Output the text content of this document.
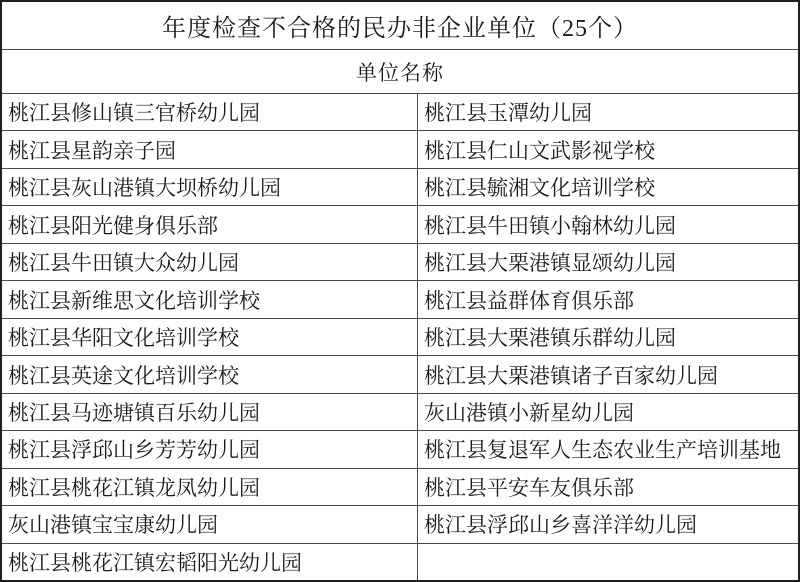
年度检查不合格的民办非企业单位（25个）
单位名称
桃江县修山镇三官桥幼儿园	桃江县玉潭幼儿园
桃江县星韵亲子园	桃江县仁山文武影视学校
桃江县灰山港镇大坝桥幼儿园	桃江县毓湘文化培训学校
桃江县阳光健身俱乐部	桃江县牛田镇小翰林幼儿园
桃江县牛田镇大众幼儿园	桃江县大栗港镇显颂幼儿园
桃江县新维思文化培训学校	桃江县益群体育俱乐部
桃江县华阳文化培训学校	桃江县大栗港镇乐群幼儿园
桃江县英途文化培训学校	桃江县大栗港镇诸子百家幼儿园
桃江县马迹塘镇百乐幼儿园	灰山港镇小新星幼儿园
桃江县浮邱山乡芳芳幼儿园	桃江县复退军人生态农业生产培训基地
桃江县桃花江镇龙凤幼儿园	桃江县平安车友俱乐部
灰山港镇宝宝康幼儿园	桃江县浮邱山乡喜洋洋幼儿园
桃江县桃花江镇宏韬阳光幼儿园
